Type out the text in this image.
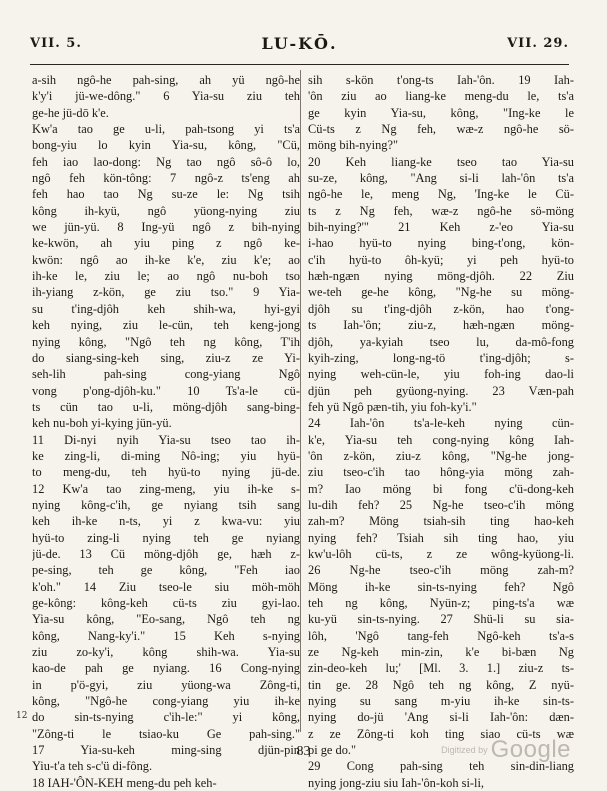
VII. 5.	LU-KŌ.	VII. 29.
a-sih ngô-he pah-sing, ah yü ngô-he
k'y'i jü-we-dông." 6 Yia-su ziu teh
ge-he jü-dō k'e.
Kw'a tao ge u-li, pah-tsong yi ts'a
bong-yiu lo kyin Yia-su, kông, "Cü,
feh iao lao-dong: Ng tao ngô sô-ô lo,
ngô feh kön-tông: 7 ngô-z ts'eng ah
feh hao tao Ng su-ze le: Ng tsih
kông ih-kyü, ngô yüong-nying ziu
we jün-yü. 8 Ing-yü ngô z bih-nying
ke-kwön, ah yiu ping z ngô ke-
kwön: ngô ao ih-ke k'e, ziu k'e; ao
ih-ke le, ziu le; ao ngô nu-boh tso
ih-yiang z-kön, ge ziu tso." 9 Yia-
su t'ing-djôh keh shih-wa, hyi-gyi
keh nying, ziu le-cün, teh keng-jong
nying kông, "Ngô teh ng kông, T'ih
do siang-sing-keh sing, ziu-z ze Yi-
seh-lih pah-sing cong-yiang Ngô
vong p'ong-djôh-ku." 10 Ts'a-le cü-
ts cün tao u-li, möng-djôh sang-bing-
keh nu-boh yi-kying jün-yü.
11 Di-nyi nyih Yia-su tseo tao ih-
ke zing-li, di-ming Nô-ing; yiu hyü-
to meng-du, teh hyü-to nying jü-de.
12 Kw'a tao zing-meng, yiu ih-ke s-
nying kông-c'ih, ge nyiang tsih sang
keh ih-ke n-ts, yi z kwa-vu: yiu
hyü-to zing-li nying teh ge nyiang
jü-de. 13 Cü möng-djôh ge, hæh z-
pe-sing, teh ge kông, "Feh iao
k'oh." 14 Ziu tseo-le siu möh-möh
ge-kông: kông-keh cü-ts ziu gyi-lao.
Yia-su kông, "Eo-sang, Ngô teh ng
kông, Nang-ky'i." 15 Keh s-nying
ziu zo-ky'i, kông shih-wa. Yia-su
kao-de pah ge nyiang. 16 Cong-nying
in p'ö-gyi, ziu yüong-wa Zông-ti,
kông, "Ngô-he cong-yiang yiu ih-ke
do sin-ts-nying c'ih-le:" yi kông,
"Zông-ti le tsiao-ku Ge pah-sing."
17 Yia-su-keh ming-sing djün-pin
Yiu-t'a teh s-c'ü di-fông.
18 IAH-'ÔN-KEH meng-du peh keh-
sih s-kön t'ong-ts Iah-'ôn. 19 Iah-
'ôn ziu ao liang-ke meng-du le, ts'a
ge kyin Yia-su, kông, "Ing-ke le
Cü-ts z Ng feh, wæ-z ngô-he sö-
möng bih-nying?"
20 Keh liang-ke tseo tao Yia-su
su-ze, kông, "Ang si-li lah-'ôn ts'a
ngô-he le, meng Ng, 'Ing-ke le Cü-
ts z Ng feh, wæ-z ngô-he sö-möng
bih-nying?'" 21 Keh z-'eo Yia-su
i-hao hyü-to nying bing-t'ong, kön-
c'ih hyü-to ôh-kyü; yi peh hyü-to
hæh-ngæn nying möng-djôh. 22 Ziu
we-teh ge-he kông, "Ng-he su möng-
djôh su t'ing-djôh z-kön, hao t'ong-
ts Iah-'ôn; ziu-z, hæh-ngæn möng-
djôh, ya-kyiah tseo lu, da-mô-fong
kyih-zing, long-ng-tö t'ing-djôh; s-
nying weh-cün-le, yiu foh-ing dao-li
djün peh gyüong-nying. 23 Væn-pah
feh yü Ngô pæn-tih, yiu foh-ky'i."
24 Iah-'ôn ts'a-le-keh nying cün-
k'e, Yia-su teh cong-nying kông Iah-
'ôn z-kön, ziu-z kông, "Ng-he jong-
ziu tseo-c'ih tao hông-yia möng zah-
m? Iao möng bi fong c'ü-dong-keh
lu-dih feh? 25 Ng-he tseo-c'ih möng
zah-m? Möng tsiah-sih ting hao-keh
nying feh? Tsiah sih ting hao, yiu
kw'u-lôh cü-ts, z ze wông-kyüong-li.
26 Ng-he tseo-c'ih möng zah-m?
Möng ih-ke sin-ts-nying feh? Ngô
teh ng kông, Nyün-z; ping-ts'a wæ
ku-yü sin-ts-nying. 27 Shü-li su sia-
lôh, 'Ngô tang-feh Ngô-keh ts'a-s
ze Ng-keh min-zin, k'e bi-bæn Ng
zin-deo-keh lu;' [Ml. 3. 1.] ziu-z ts-
tin ge. 28 Ngô teh ng kông, Z nyü-
nying su sang m-yiu ih-ke sin-ts-
nying do-jü 'Ang si-li Iah-'ôn: dæn-
z ze Zông-ti koh ting siao cü-ts wæ
pi ge do."
29 Cong pah-sing teh sin-din-liang
nying jong-ziu siu Iah-'ôn-koh si-li,
12
83	Digitized by Google
